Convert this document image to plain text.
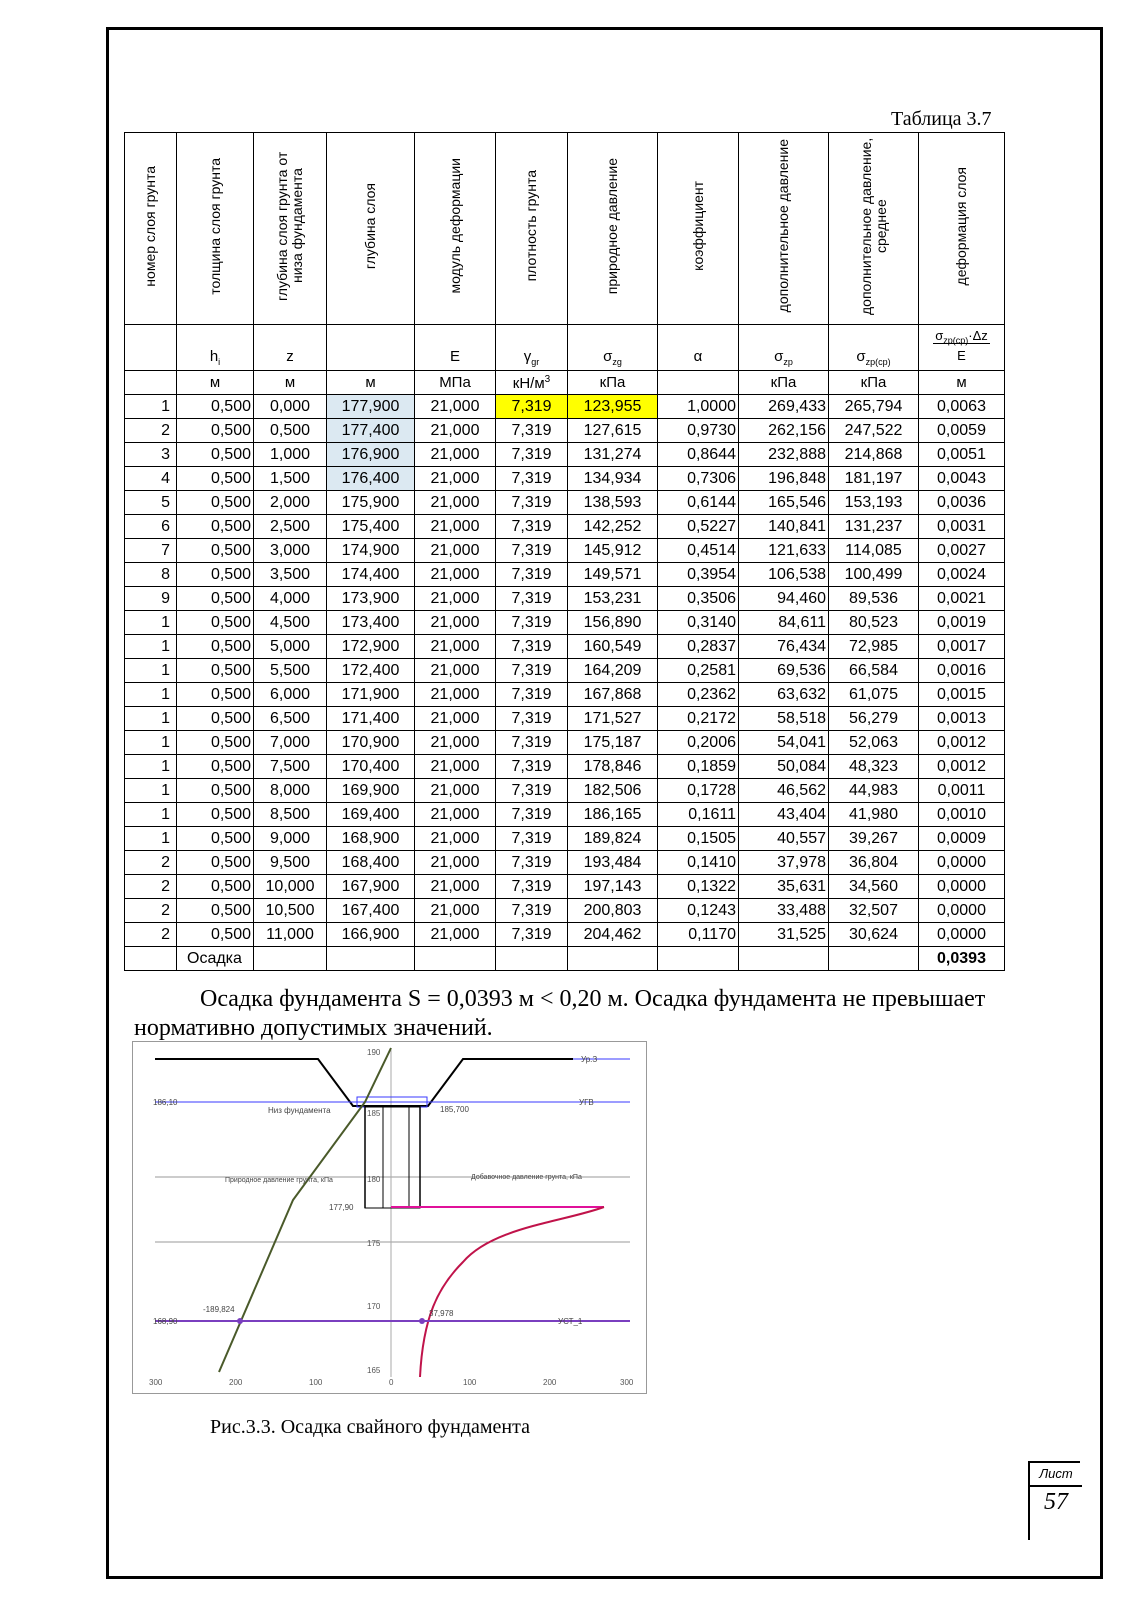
Таблица 3.7
номер слоя грунта	толщина слоя грунта	глубина слоя грунта от низа фундамента	глубина слоя	модуль деформации	плотность грунта	природное давление	коэффициент	дополнительное давление	дополнительное давление, среднее	деформация слоя
	$h_i$	z		E	$\gamma_{gr}$	$\sigma_{zg}$	α	$\sigma_{zp}$	$\sigma_{zp(cp)}$	$\sigma_{zp(cp)}\cdot\Delta z$
E
	м	м	м	МПа	$кН/м^3$	кПа		кПа	кПа	м
1	0,500	0,000	177,900	21,000	7,319	123,955	1,0000	269,433	265,794	0,0063
2	0,500	0,500	177,400	21,000	7,319	127,615	0,9730	262,156	247,522	0,0059
3	0,500	1,000	176,900	21,000	7,319	131,274	0,8644	232,888	214,868	0,0051
4	0,500	1,500	176,400	21,000	7,319	134,934	0,7306	196,848	181,197	0,0043
5	0,500	2,000	175,900	21,000	7,319	138,593	0,6144	165,546	153,193	0,0036
6	0,500	2,500	175,400	21,000	7,319	142,252	0,5227	140,841	131,237	0,0031
7	0,500	3,000	174,900	21,000	7,319	145,912	0,4514	121,633	114,085	0,0027
8	0,500	3,500	174,400	21,000	7,319	149,571	0,3954	106,538	100,499	0,0024
9	0,500	4,000	173,900	21,000	7,319	153,231	0,3506	94,460	89,536	0,0021
1	0,500	4,500	173,400	21,000	7,319	156,890	0,3140	84,611	80,523	0,0019
1	0,500	5,000	172,900	21,000	7,319	160,549	0,2837	76,434	72,985	0,0017
1	0,500	5,500	172,400	21,000	7,319	164,209	0,2581	69,536	66,584	0,0016
1	0,500	6,000	171,900	21,000	7,319	167,868	0,2362	63,632	61,075	0,0015
1	0,500	6,500	171,400	21,000	7,319	171,527	0,2172	58,518	56,279	0,0013
1	0,500	7,000	170,900	21,000	7,319	175,187	0,2006	54,041	52,063	0,0012
1	0,500	7,500	170,400	21,000	7,319	178,846	0,1859	50,084	48,323	0,0012
1	0,500	8,000	169,900	21,000	7,319	182,506	0,1728	46,562	44,983	0,0011
1	0,500	8,500	169,400	21,000	7,319	186,165	0,1611	43,404	41,980	0,0010
1	0,500	9,000	168,900	21,000	7,319	189,824	0,1505	40,557	39,267	0,0009
2	0,500	9,500	168,400	21,000	7,319	193,484	0,1410	37,978	36,804	0,0000
2	0,500	10,000	167,900	21,000	7,319	197,143	0,1322	35,631	34,560	0,0000
2	0,500	10,500	167,400	21,000	7,319	200,803	0,1243	33,488	32,507	0,0000
2	0,500	11,000	166,900	21,000	7,319	204,462	0,1170	31,525	30,624	0,0000
	Осадка									0,0393
Осадка фундамента S = 0,0393 м < 0,20 м. Осадка фундамента не превышает
нормативно допустимых значений.
Ур.З
186,10	УГВ
Низ фундамента	185,700
177,90
190
185
180
175
170
165
300	200	100	0	100	200	300
Природное давление грунта, кПа	Добавочное давление грунта, кПа
168,90	УСТ_1
-189,824	37,978
Рис.3.3. Осадка свайного фундамента
Лист
57
